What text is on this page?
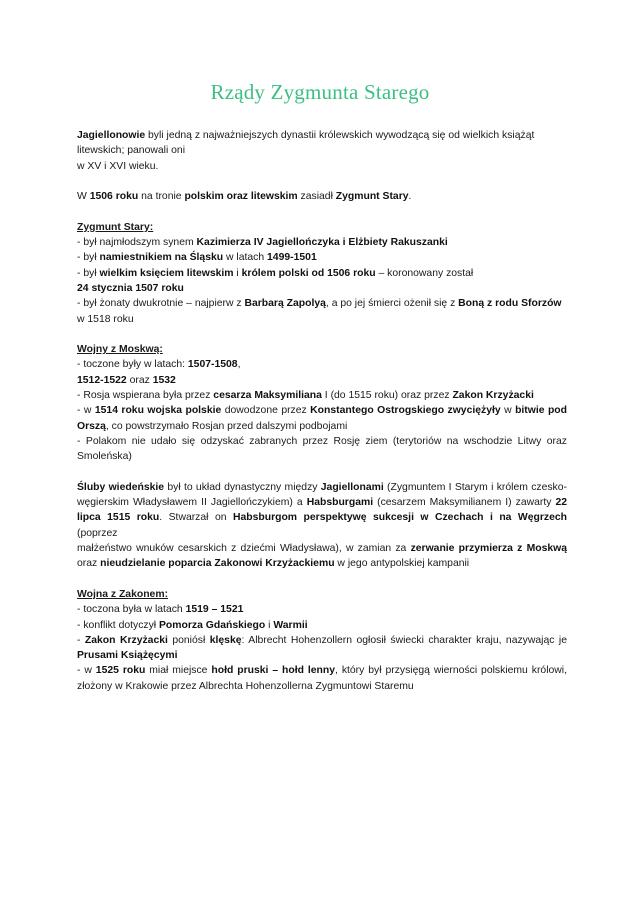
Rządy Zygmunta Starego
Jagiellonowie byli jedną z najważniejszych dynastii królewskich wywodzącą się od wielkich książąt
litewskich; panowali oni
w XV i XVI wieku.
W 1506 roku na tronie polskim oraz litewskim zasiadł Zygmunt Stary.
Zygmunt Stary:
- był najmłodszym synem Kazimierza IV Jagiellończyka i Elżbiety Rakuszanki
- był namiestnikiem na Śląsku w latach 1499-1501
- był wielkim księciem litewskim i królem polski od 1506 roku – koronowany został
24 stycznia 1507 roku
- był żonaty dwukrotnie – najpierw z Barbarą Zapolyą, a po jej śmierci ożenił się z Boną z rodu Sforzów
w 1518 roku
Wojny z Moskwą:
- toczone były w latach: 1507-1508,
1512-1522 oraz 1532
- Rosja wspierana była przez cesarza Maksymiliana I (do 1515 roku) oraz przez Zakon Krzyżacki
- w 1514 roku wojska polskie dowodzone przez Konstantego Ostrogskiego zwyciężyły w bitwie pod
Orszą, co powstrzymało Rosjan przed dalszymi podbojami
- Polakom nie udało się odzyskać zabranych przez Rosję ziem (terytoriów na wschodzie Litwy oraz
Smoleńska)
Śluby wiedeńskie był to układ dynastyczny między Jagiellonami (Zygmuntem I Starym i królem czesko-
węgierskim Władysławem II Jagiellończykiem) a Habsburgami (cesarzem Maksymilianem I) zawarty 22
lipca 1515 roku. Stwarzał on Habsburgom perspektywę sukcesji w Czechach i na Węgrzech (poprzez
małżeństwo wnuków cesarskich z dziećmi Władysława), w zamian za zerwanie przymierza z Moskwą
oraz nieudzielanie poparcia Zakonowi Krzyżackiemu w jego antypolskiej kampanii
Wojna z Zakonem:
- toczona była w latach 1519 – 1521
- konflikt dotyczył Pomorza Gdańskiego i Warmii
- Zakon Krzyżacki poniósł klęskę: Albrecht Hohenzollern ogłosił świecki charakter kraju, nazywając je
Prusami Książęcymi
- w 1525 roku miał miejsce hołd pruski – hołd lenny, który był przysięgą wierności polskiemu królowi,
złożony w Krakowie przez Albrechta Hohenzollerna Zygmuntowi Staremu
